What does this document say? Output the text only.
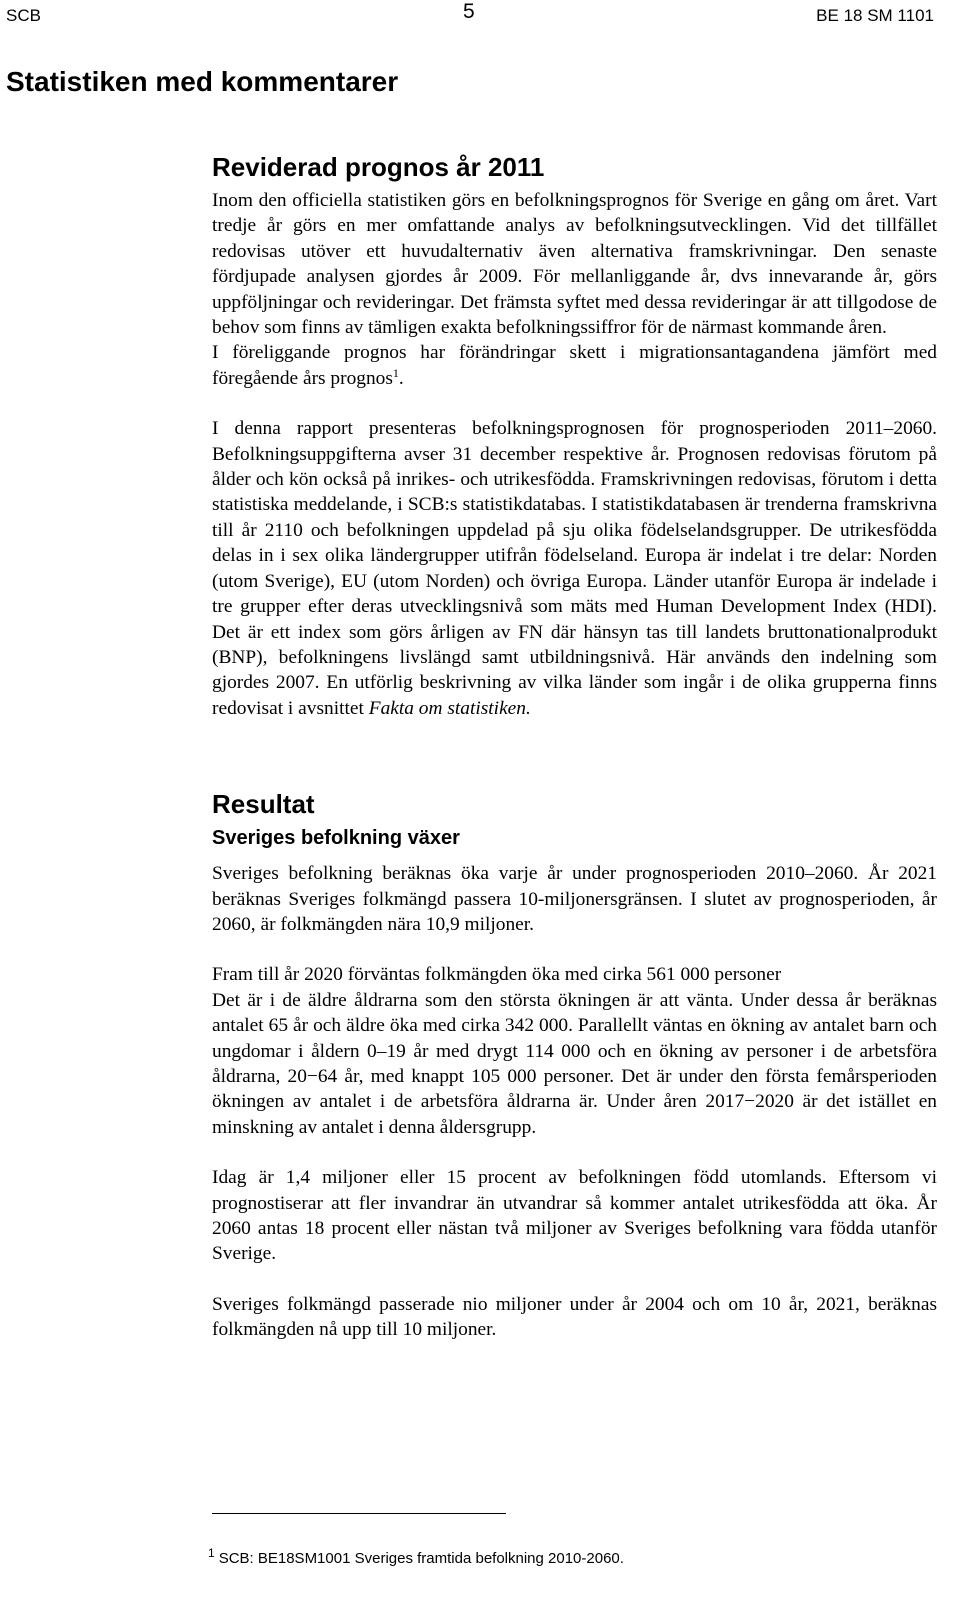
SCB	5	BE 18 SM 1101
Statistiken med kommentarer
Reviderad prognos år 2011

Inom den officiella statistiken görs en befolkningsprognos för Sverige en gång om året. Vart tredje år görs en mer omfattande analys av befolkningsutvecklingen. Vid det tillfället redovisas utöver ett huvudalternativ även alternativa framskrivningar. Den senaste fördjupade analysen gjordes år 2009. För mellanliggande år, dvs innevarande år, görs uppföljningar och revideringar. Det främsta syftet med dessa revideringar är att tillgodose de behov som finns av tämligen exakta befolkningssiffror för de närmast kommande åren.

I föreliggande prognos har förändringar skett i migrationsantagandena jämfört med föregående års prognos$^1$.

I denna rapport presenteras befolkningsprognosen för prognosperioden 2011–2060. Befolkningsuppgifterna avser 31 december respektive år. Prognosen redovisas förutom på ålder och kön också på inrikes- och utrikesfödda. Framskrivningen redovisas, förutom i detta statistiska meddelande, i SCB:s statistikdatabas. I statistikdatabasen är trenderna framskrivna till år 2110 och befolkningen uppdelad på sju olika födelselandsgrupper. De utrikesfödda delas in i sex olika ländergrupper utifrån födelseland. Europa är indelat i tre delar: Norden (utom Sverige), EU (utom Norden) och övriga Europa. Länder utanför Europa är indelade i tre grupper efter deras utvecklingsnivå som mäts med Human Development Index (HDI). Det är ett index som görs årligen av FN där hänsyn tas till landets bruttonationalprodukt (BNP), befolkningens livslängd samt utbildningsnivå. Här används den indelning som gjordes 2007. En utförlig beskrivning av vilka länder som ingår i de olika grupperna finns redovisat i avsnittet Fakta om statistiken.

Resultat
Sveriges befolkning växer

Sveriges befolkning beräknas öka varje år under prognosperioden 2010–2060. År 2021 beräknas Sveriges folkmängd passera 10-miljonersgränsen. I slutet av prognosperioden, år 2060, är folkmängden nära 10,9 miljoner.

Fram till år 2020 förväntas folkmängden öka med cirka 561 000 personer

Det är i de äldre åldrarna som den största ökningen är att vänta. Under dessa år beräknas antalet 65 år och äldre öka med cirka 342 000. Parallellt väntas en ökning av antalet barn och ungdomar i åldern 0–19 år med drygt 114 000 och en ökning av personer i de arbetsföra åldrarna, 20−64 år, med knappt 105 000 personer. Det är under den första femårsperioden ökningen av antalet i de arbetsföra åldrarna är. Under åren 2017−2020 är det istället en minskning av antalet i denna åldersgrupp.

Idag är 1,4 miljoner eller 15 procent av befolkningen född utomlands. Eftersom vi prognostiserar att fler invandrar än utvandrar så kommer antalet utrikesfödda att öka. År 2060 antas 18 procent eller nästan två miljoner av Sveriges befolkning vara födda utanför Sverige.

Sveriges folkmängd passerade nio miljoner under år 2004 och om 10 år, 2021, beräknas folkmängden nå upp till 10 miljoner.

$^1$ SCB: BE18SM1001 Sveriges framtida befolkning 2010-2060.
